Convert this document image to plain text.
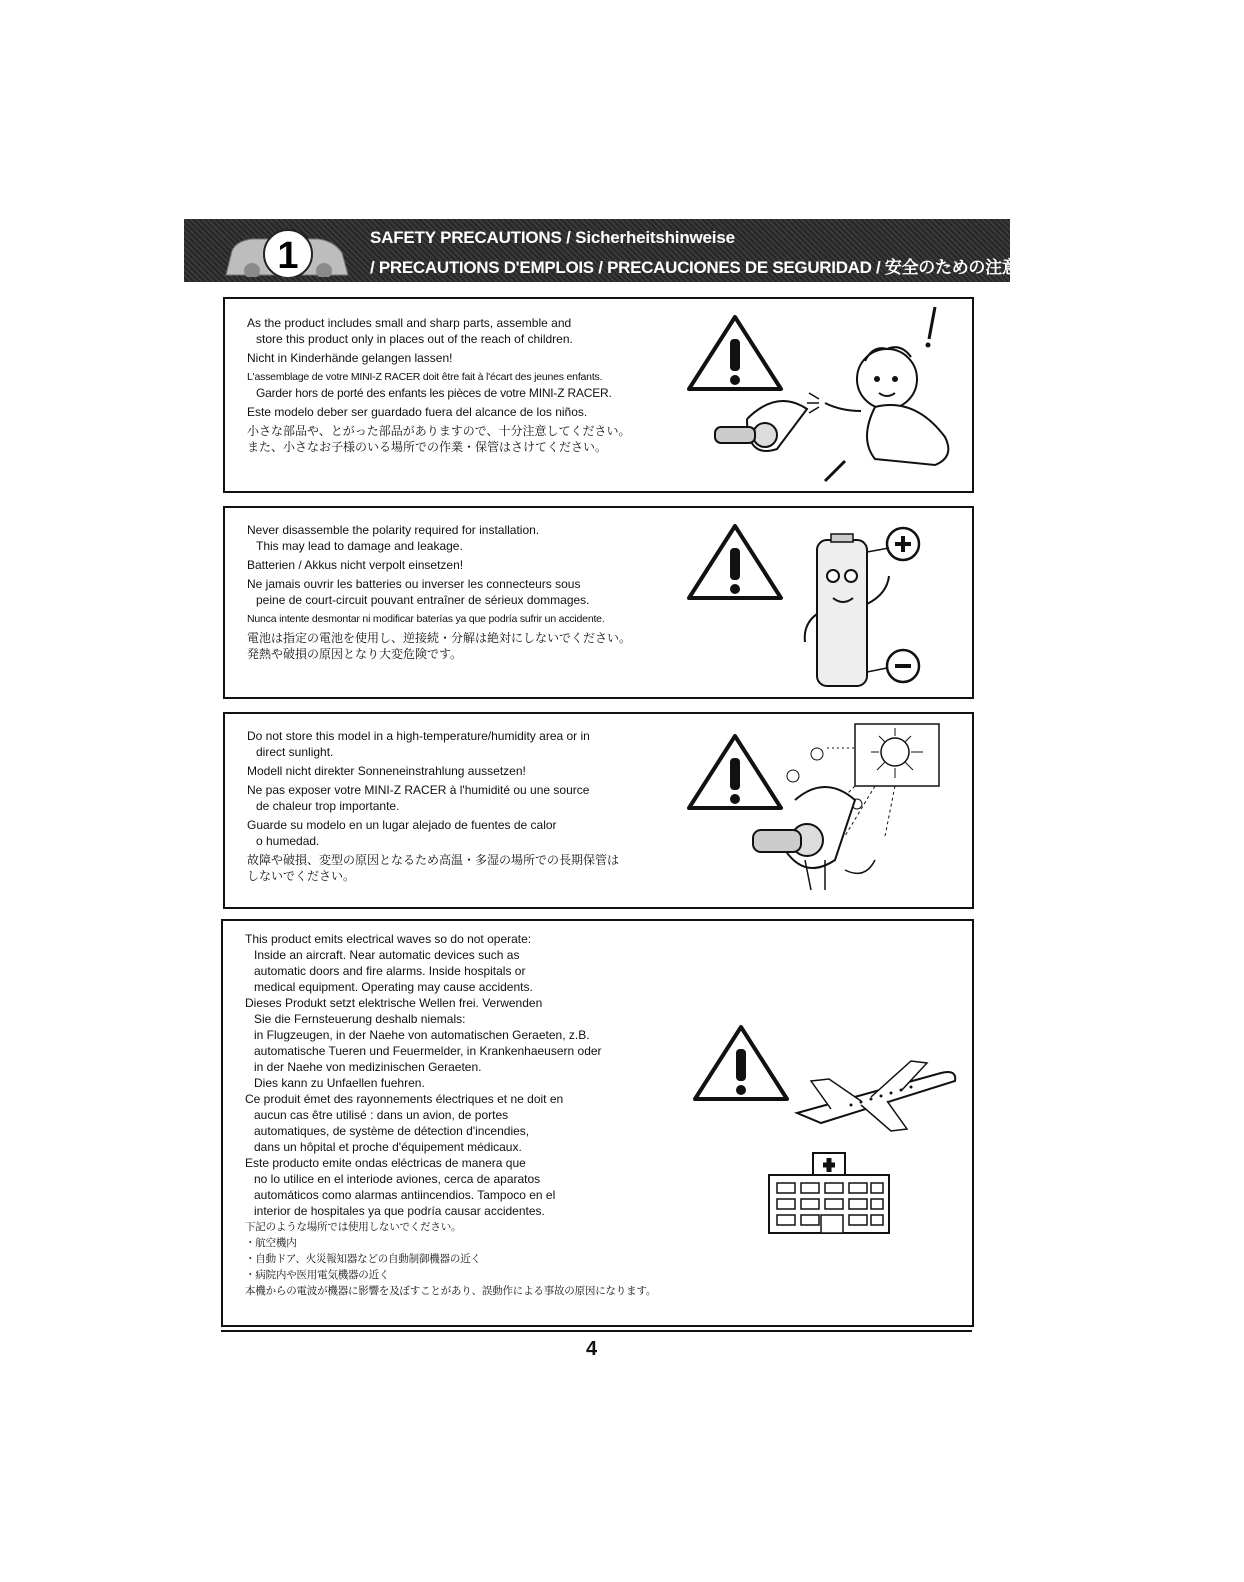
1	SAFETY PRECAUTIONS / Sicherheitshinweise
/ PRECAUTIONS D'EMPLOIS / PRECAUCIONES DE SEGURIDAD / 安全のための注意事項

As the product includes small and sharp parts, assemble and
store this product only in places out of the reach of children.

Nicht in Kinderhände gelangen lassen!

L'assemblage de votre MINI-Z RACER doit être fait à l'écart des jeunes enfants.
Garder hors de porté des enfants les pièces de votre MINI-Z RACER.

Este modelo deber ser guardado fuera del alcance de los niños.

小さな部品や、とがった部品がありますので、十分注意してください。
また、小さなお子様のいる場所での作業・保管はさけてください。

Never disassemble the polarity required for installation.
This may lead to damage and leakage.

Batterien / Akkus nicht verpolt einsetzen!

Ne jamais ouvrir les batteries ou inverser les connecteurs sous
peine de court-circuit pouvant entraîner de sérieux dommages.

Nunca intente desmontar ni modificar baterías ya que podría sufrir un accidente.

電池は指定の電池を使用し、逆接続・分解は絶対にしないでください。
発熱や破損の原因となり大変危険です。

Do not store this model in a high-temperature/humidity area or in
direct sunlight.

Modell nicht direkter Sonneneinstrahlung aussetzen!

Ne pas exposer votre MINI-Z RACER à l'humidité ou une source
de chaleur trop importante.

Guarde su modelo en un lugar alejado de fuentes de calor
o humedad.

故障や破損、変型の原因となるため高温・多湿の場所での長期保管は
しないでください。

This product emits electrical waves so do not operate:

Inside an aircraft. Near automatic devices such as

automatic doors and fire alarms. Inside hospitals or

medical equipment. Operating may cause accidents.

Dieses Produkt setzt elektrische Wellen frei. Verwenden

Sie die Fernsteuerung deshalb niemals:

in Flugzeugen, in der Naehe von automatischen Geraeten, z.B.

automatische Tueren und Feuermelder, in Krankenhaeusern oder

in der Naehe von medizinischen Geraeten.

Dies kann zu Unfaellen fuehren.

Ce produit émet des rayonnements électriques et ne doit en

aucun cas être utilisé : dans un avion, de portes

automatiques, de système de détection d'incendies,

dans un hôpital et proche d'équipement médicaux.

Este producto emite ondas eléctricas de manera que

no lo utilice en el interiode aviones, cerca de aparatos

automáticos como alarmas antiincendios. Tampoco en el

interior de hospitales ya que podría causar accidentes.

下記のような場所では使用しないでください。

・航空機内

・自動ドア、火災報知器などの自動制御機器の近く

・病院内や医用電気機器の近く

本機からの電波が機器に影響を及ぼすことがあり、誤動作による事故の原因になります。

4
